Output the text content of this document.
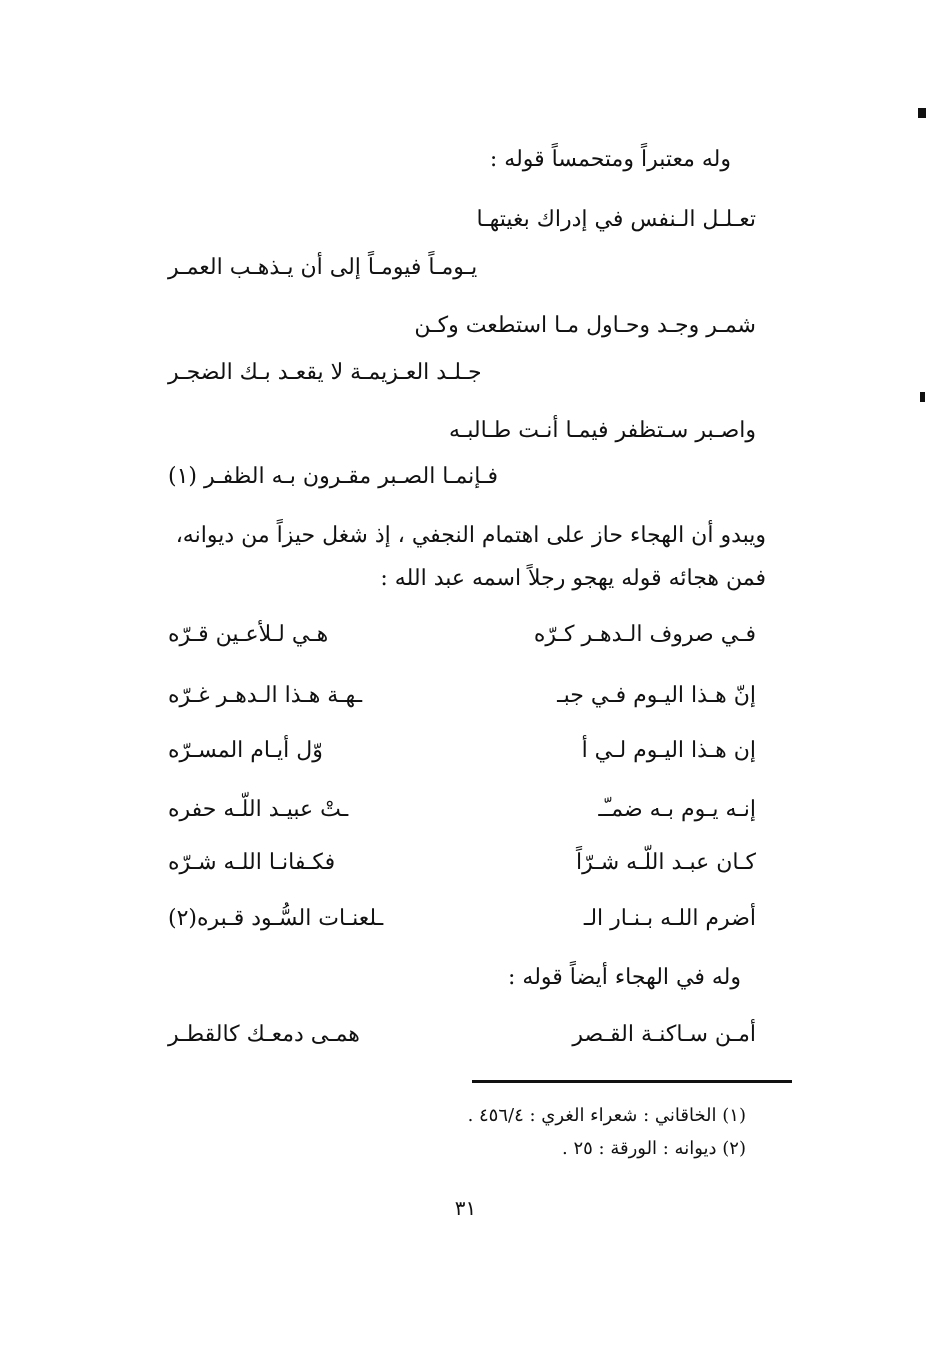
وله معتبراً ومتحمساً قوله :
تعـلـل الـنفس في إدراك بغيتهـا
يـومـاً فيومـاً إلى أن يـذهـب العمـر
شمـر وجـد وحـاول مـا استطعت وكـن
جـلـد العـزيمـة لا يقعـد بـك الضجـر
واصـبر سـتظفر فيمـا أنـت طـالبـه
فـإنمـا الصـبر مقـرون بـه الظفـر (١)
ويبدو أن الهجاء حاز على اهتمام النجفي ، إذ شغل حيزاً من ديوانه،
فمن هجائه قوله يهجو رجلاً اسمه عبد الله :
فـي صروف الـدهـر كـرّه
هـي لـلأعـين قـرّه
إنّ هـذا اليـوم فـي جبـ
ـهـة هـذا الـدهـر غـرّه
إن هـذا اليـوم لـي أ
وّل أيـام المسـرّه
إنـه يـوم بـه ضمـّـ
ـتْ عبيـد اللّـه حفره
كـان عبـد اللّـه شـرّاً
فكـفانـا اللـه شـرّه
أضرم اللـه بـنـار الـ
ـلعنـات السُّـود قـبره(٢)
وله في الهجاء أيضاً قوله :
أمـن سـاكنـة القـصر
همـى دمعـك كالقطـر
(١) الخاقاني : شعراء الغري : ٤٥٦/٤ .
(٢) ديوانه : الورقة : ٢٥ .
٣١
